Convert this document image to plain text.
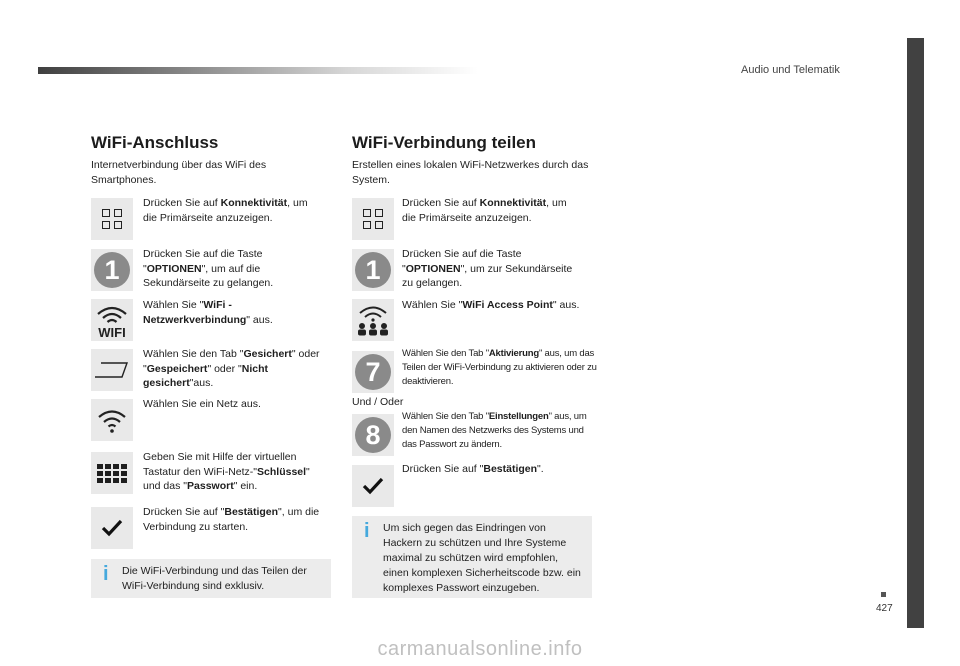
Audio und Telematik
427
WiFi-Anschluss

Internetverbindung über das WiFi des Smartphones.

Drücken Sie auf Konnektivität, um die Primärseite anzuzeigen.
1
Drücken Sie auf die Taste "OPTIONEN", um auf die Sekundärseite zu gelangen.
WIFI
Wählen Sie "WiFi -Netzwerkverbindung" aus.
Wählen Sie den Tab "Gesichert" oder "Gespeichert" oder "Nicht gesichert"aus.
Wählen Sie ein Netz aus.
Geben Sie mit Hilfe der virtuellen Tastatur den WiFi-Netz-"Schlüssel" und das "Passwort" ein.
Drücken Sie auf "Bestätigen", um die Verbindung zu starten.
i Die WiFi-Verbindung und das Teilen der WiFi-Verbindung sind exklusiv.
WiFi-Verbindung teilen

Erstellen eines lokalen WiFi-Netzwerkes durch das System.

Drücken Sie auf Konnektivität, um die Primärseite anzuzeigen.
1
Drücken Sie auf die Taste "OPTIONEN", um zur Sekundärseite zu gelangen.
Wählen Sie "WiFi Access Point" aus.
7
Wählen Sie den Tab "Aktivierung" aus, um das Teilen der WiFi-Verbindung zu aktivieren oder zu deaktivieren.
Und / Oder
8
Wählen Sie den Tab "Einstellungen" aus, um den Namen des Netzwerks des Systems und das Passwort zu ändern.
Drücken Sie auf "Bestätigen".
i Um sich gegen das Eindringen von Hackern zu schützen und Ihre Systeme maximal zu schützen wird empfohlen, einen komplexen Sicherheitscode bzw. ein komplexes Passwort einzugeben.
carmanualsonline.info
